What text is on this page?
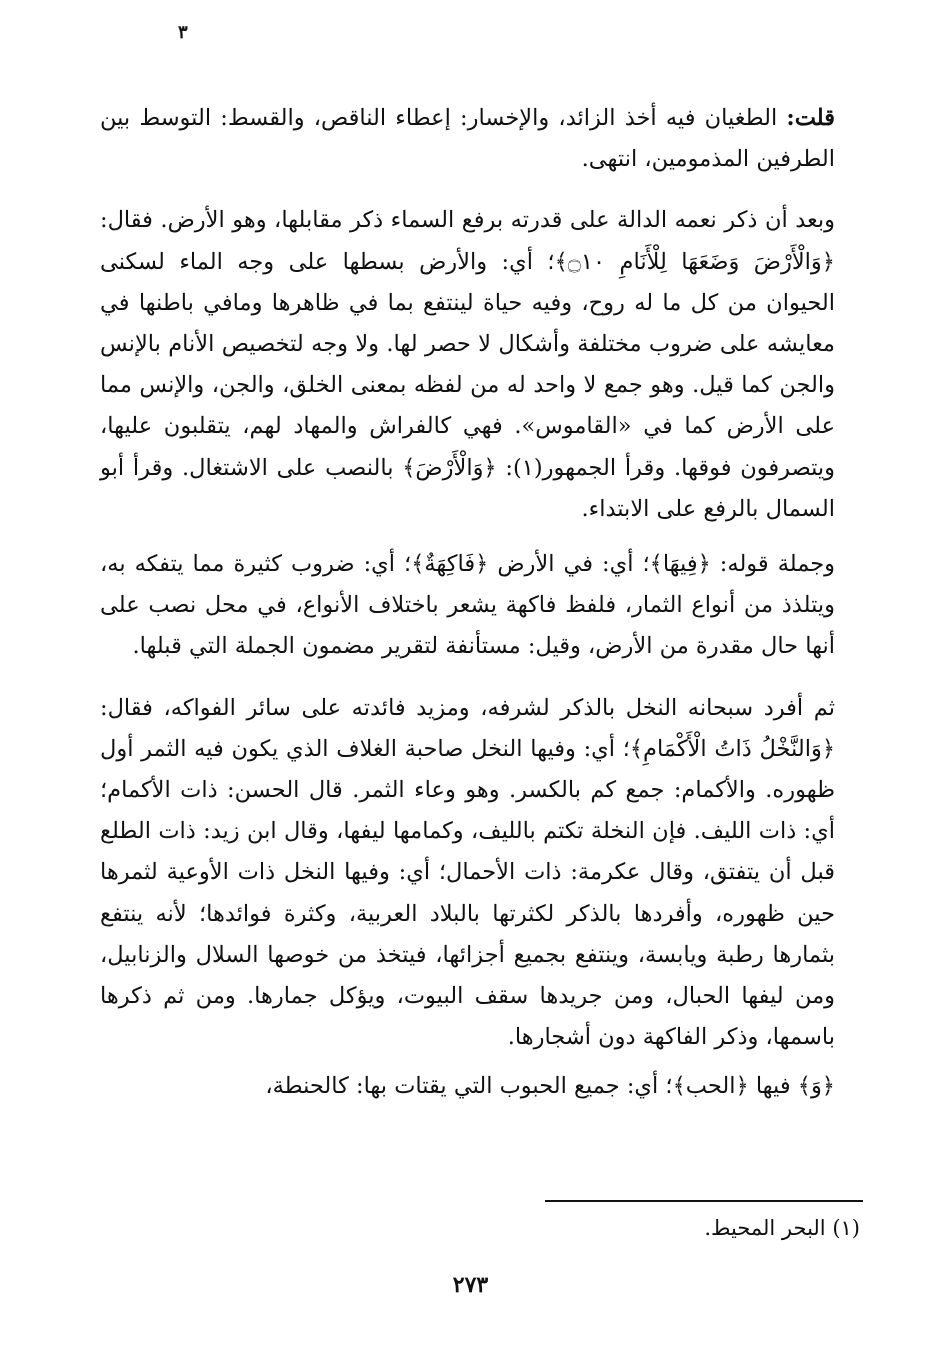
٣

قلت: الطغيان فيه أخذ الزائد، والإخسار: إعطاء الناقص، والقسط: التوسط بين الطرفين المذمومين، انتهى.

وبعد أن ذكر نعمه الدالة على قدرته برفع السماء ذكر مقابلها، وهو الأرض. فقال: ﴿وَالْأَرْضَ وَضَعَهَا لِلْأَنَامِ ۝١٠﴾؛ أي: والأرض بسطها على وجه الماء لسكنى الحيوان من كل ما له روح، وفيه حياة لينتفع بما في ظاهرها ومافي باطنها في معايشه على ضروب مختلفة وأشكال لا حصر لها. ولا وجه لتخصيص الأنام بالإنس والجن كما قيل. وهو جمع لا واحد له من لفظه بمعنى الخلق، والجن، والإنس مما على الأرض كما في «القاموس». فهي كالفراش والمهاد لهم، يتقلبون عليها، ويتصرفون فوقها. وقرأ الجمهور(١): ﴿وَالْأَرْضَ﴾ بالنصب على الاشتغال. وقرأ أبو السمال بالرفع على الابتداء.

وجملة قوله: ﴿فِيهَا﴾؛ أي: في الأرض ﴿فَاكِهَةٌ﴾؛ أي: ضروب كثيرة مما يتفكه به، ويتلذذ من أنواع الثمار، فلفظ فاكهة يشعر باختلاف الأنواع، في محل نصب على أنها حال مقدرة من الأرض، وقيل: مستأنفة لتقرير مضمون الجملة التي قبلها.

ثم أفرد سبحانه النخل بالذكر لشرفه، ومزيد فائدته على سائر الفواكه، فقال: ﴿وَالنَّخْلُ ذَاتُ الْأَكْمَامِ﴾؛ أي: وفيها النخل صاحبة الغلاف الذي يكون فيه الثمر أول ظهوره. والأكمام: جمع كم بالكسر. وهو وعاء الثمر. قال الحسن: ذات الأكمام؛ أي: ذات الليف. فإن النخلة تكتم بالليف، وكمامها ليفها، وقال ابن زيد: ذات الطلع قبل أن يتفتق، وقال عكرمة: ذات الأحمال؛ أي: وفيها النخل ذات الأوعية لثمرها حين ظهوره، وأفردها بالذكر لكثرتها بالبلاد العربية، وكثرة فوائدها؛ لأنه ينتفع بثمارها رطبة ويابسة، وينتفع بجميع أجزائها، فيتخذ من خوصها السلال والزنابيل، ومن ليفها الحبال، ومن جريدها سقف البيوت، ويؤكل جمارها. ومن ثم ذكرها باسمها، وذكر الفاكهة دون أشجارها.

﴿وَ﴾ فيها ﴿الحب﴾؛ أي: جميع الحبوب التي يقتات بها: كالحنطة،

(١) البحر المحيط.
٢٧٣
